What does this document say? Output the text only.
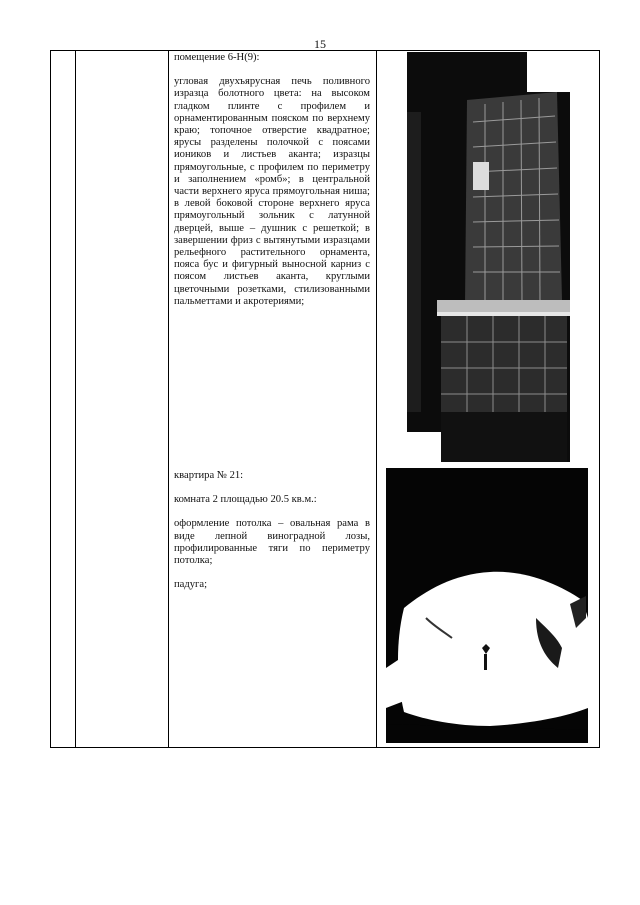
15

помещение 6-Н(9):

угловая двухъярусная печь поливного изразца болотного цвета: на высоком гладком плинте с профилем и орнаментированным пояском по верхнему краю; топочное отверстие квадратное; ярусы разделены полочкой с поясами иоников и листьев аканта; изразцы прямоугольные, с профилем по периметру и заполнением «ромб»; в центральной части верхнего яруса прямоугольная ниша; в левой боковой стороне верхнего яруса прямоугольный зольник с латунной дверцей, выше – душник с решеткой; в завершении фриз с вытянутыми изразцами рельефного растительного орнамента, пояса бус и фигурный выносной карниз с поясом листьев аканта, круглыми цветочными розетками, стилизованными пальметтами и акротериями;

квартира № 21:

комната 2 площадью 20.5 кв.м.:

оформление потолка – овальная рама в виде лепной виноградной лозы, профилированные тяги по периметру потолка;

падуга;
